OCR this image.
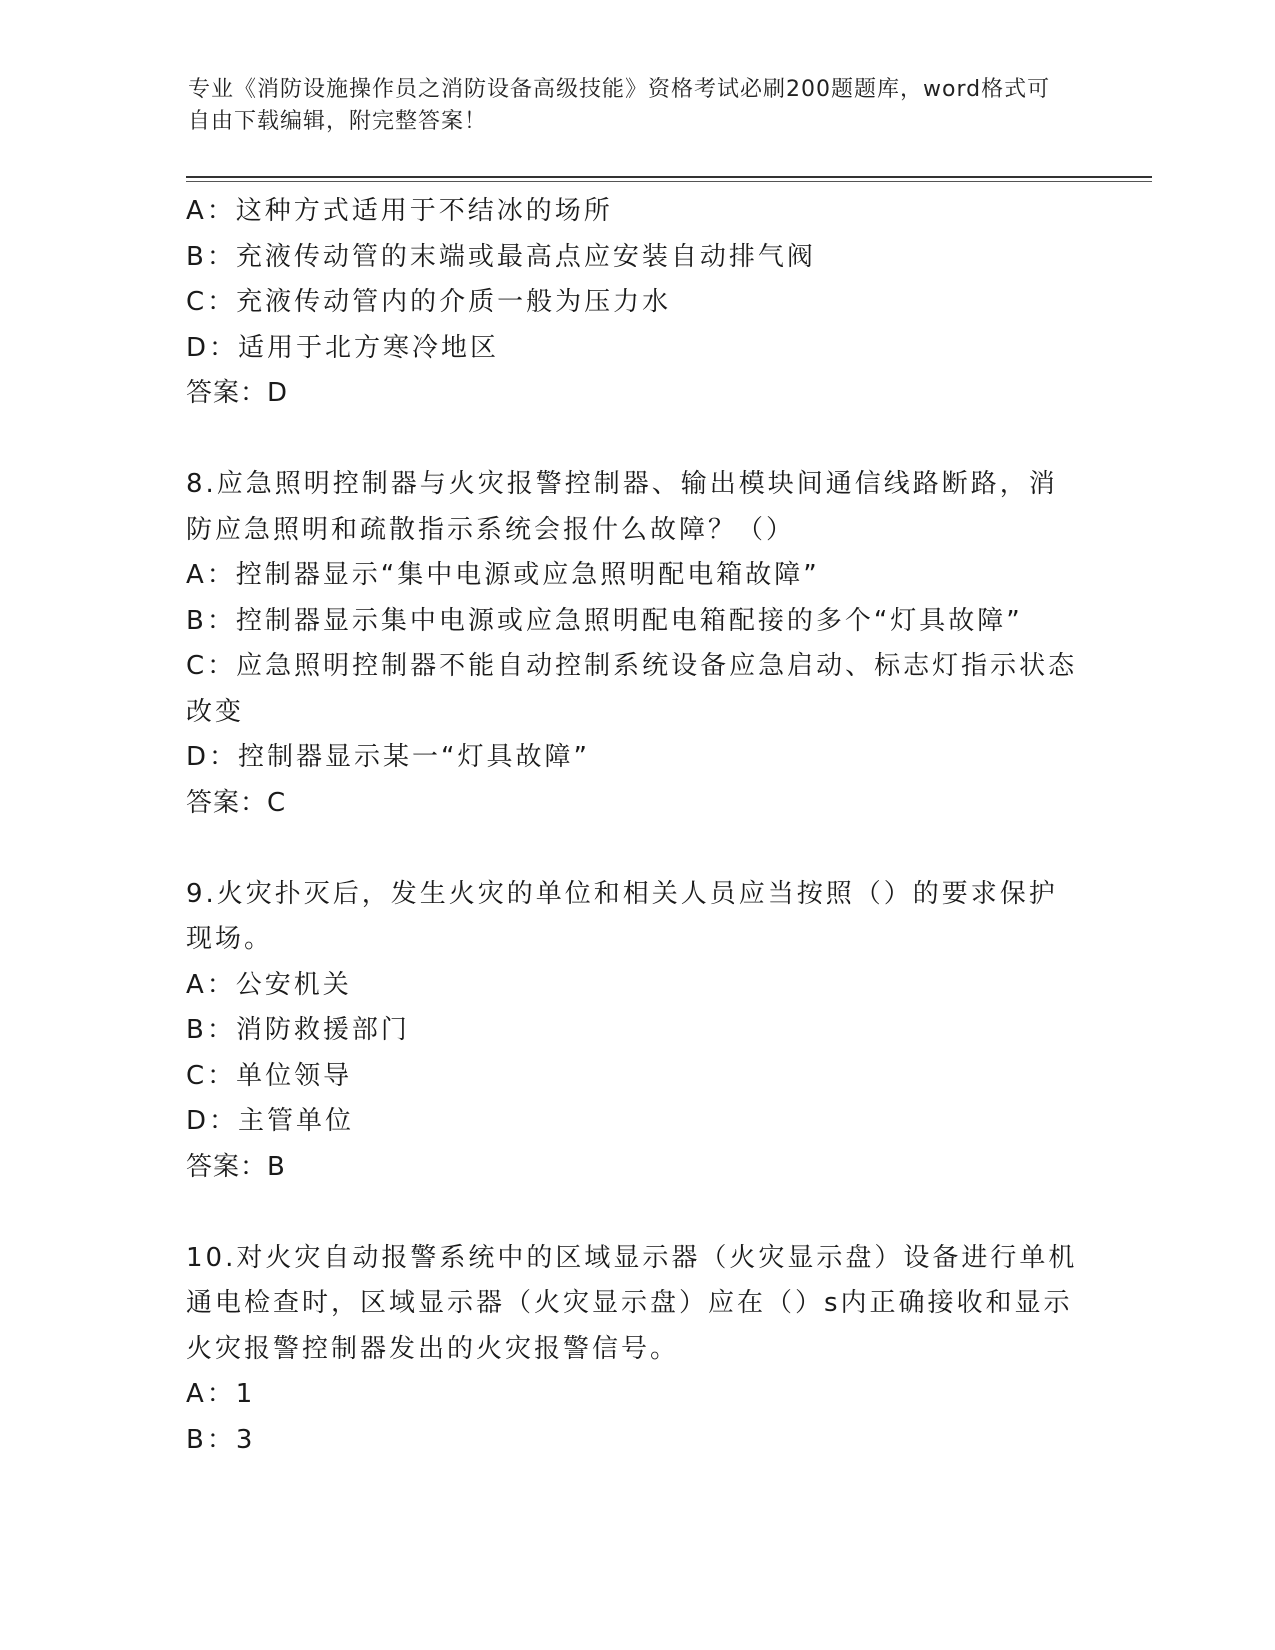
专业《消防设施操作员之消防设备高级技能》资格考试必刷200题题库，word格式可自由下载编辑，附完整答案！
A：这种方式适用于不结冰的场所
B：充液传动管的末端或最高点应安装自动排气阀
C：充液传动管内的介质一般为压力水
D：适用于北方寒冷地区
答案：D
8.应急照明控制器与火灾报警控制器、输出模块间通信线路断路，消
防应急照明和疏散指示系统会报什么故障？（）
A：控制器显示“集中电源或应急照明配电箱故障”
B：控制器显示集中电源或应急照明配电箱配接的多个“灯具故障”
C：应急照明控制器不能自动控制系统设备应急启动、标志灯指示状态
改变
D：控制器显示某一“灯具故障”
答案：C
9.火灾扑灭后，发生火灾的单位和相关人员应当按照（）的要求保护
现场。
A：公安机关
B：消防救援部门
C：单位领导
D：主管单位
答案：B
10.对火灾自动报警系统中的区域显示器（火灾显示盘）设备进行单机
通电检查时，区域显示器（火灾显示盘）应在（）s内正确接收和显示
火灾报警控制器发出的火灾报警信号。
A：1
B：3
